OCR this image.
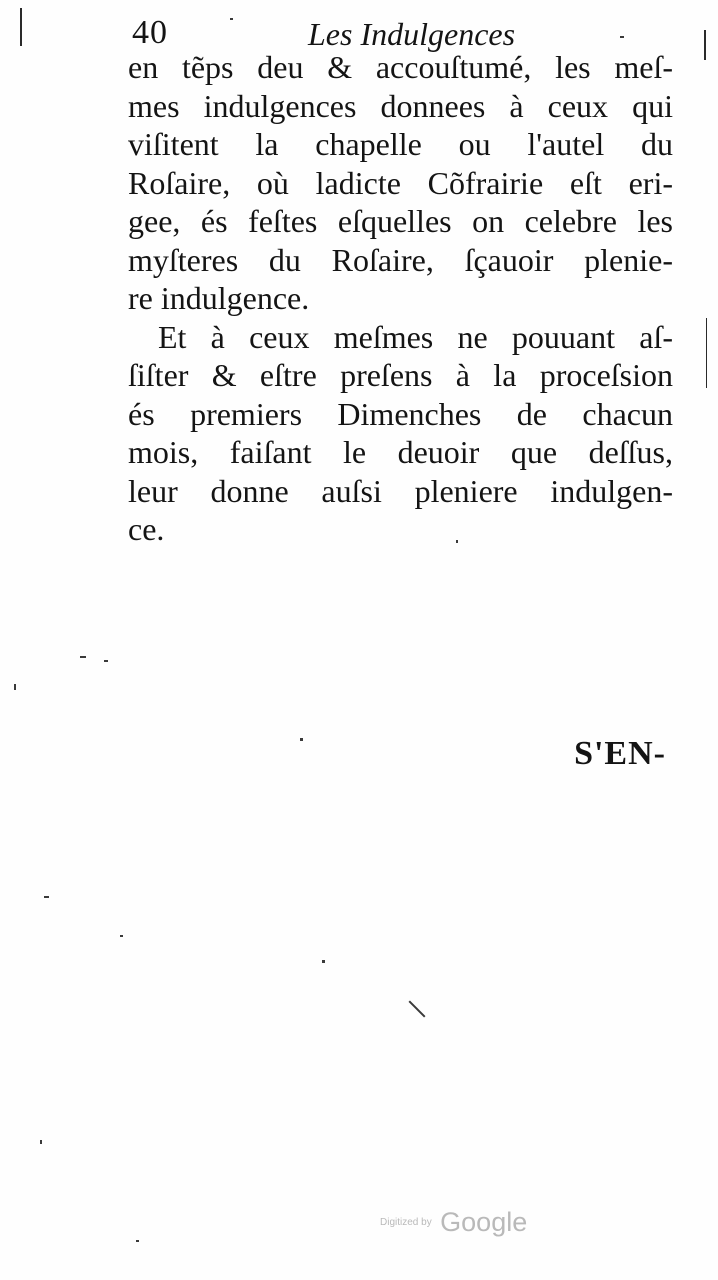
40	Les Indulgences
en tẽps deu & accouſtumé, les meſ-
mes indulgences donnees à ceux qui
viſitent la chapelle ou l'autel du
Roſaire, où ladicte Cõfrairie eſt eri-
gee, és feſtes eſquelles on celebre les
myſteres du Roſaire, ſçauoir plenie-
re indulgence.
Et à ceux meſmes ne pouuant aſ-
ſiſter & eſtre preſens à la proceſsion
és premiers Dimenches de chacun
mois, faiſant le deuoir que deſſus,
leur donne auſsi pleniere indulgen-
ce.
S'EN-
Digitized by Google
